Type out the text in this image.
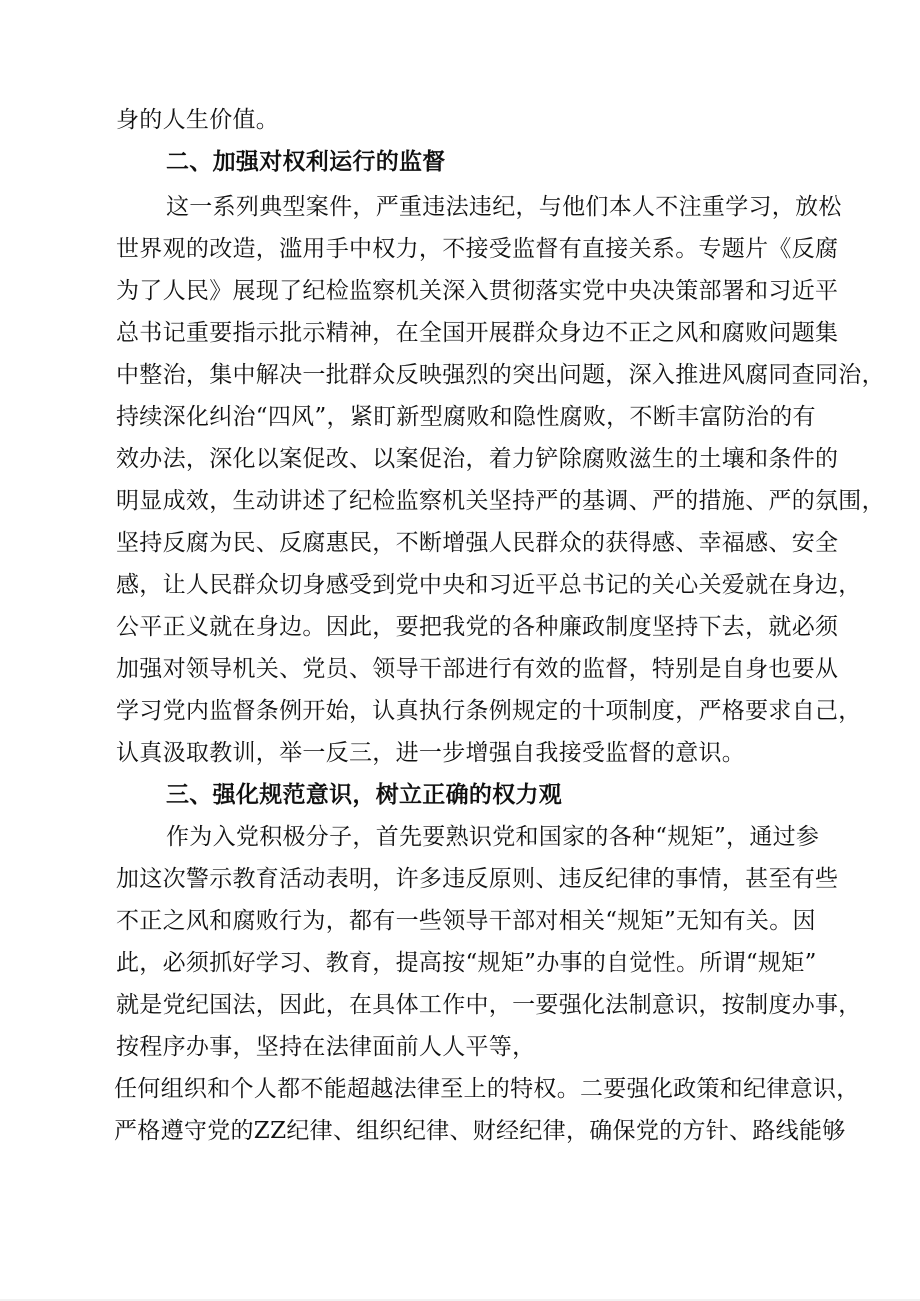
身的人生价值。
二、加强对权利运行的监督
这一系列典型案件，严重违法违纪，与他们本人不注重学习，放松
世界观的改造，滥用手中权力，不接受监督有直接关系。专题片《反腐
为了人民》展现了纪检监察机关深入贯彻落实党中央决策部署和习近平
总书记重要指示批示精神，在全国开展群众身边不正之风和腐败问题集
中整治，集中解决一批群众反映强烈的突出问题，深入推进风腐同查同治，
持续深化纠治“四风”，紧盯新型腐败和隐性腐败，不断丰富防治的有
效办法，深化以案促改、以案促治，着力铲除腐败滋生的土壤和条件的
明显成效，生动讲述了纪检监察机关坚持严的基调、严的措施、严的氛围，
坚持反腐为民、反腐惠民，不断增强人民群众的获得感、幸福感、安全
感，让人民群众切身感受到党中央和习近平总书记的关心关爱就在身边，
公平正义就在身边。因此，要把我党的各种廉政制度坚持下去，就必须
加强对领导机关、党员、领导干部进行有效的监督，特别是自身也要从
学习党内监督条例开始，认真执行条例规定的十项制度，严格要求自己，
认真汲取教训，举一反三，进一步增强自我接受监督的意识。
三、强化规范意识，树立正确的权力观
作为入党积极分子，首先要熟识党和国家的各种“规矩”，通过参
加这次警示教育活动表明，许多违反原则、违反纪律的事情，甚至有些
不正之风和腐败行为，都有一些领导干部对相关“规矩”无知有关。因
此，必须抓好学习、教育，提高按“规矩”办事的自觉性。所谓“规矩”
就是党纪国法，因此，在具体工作中，一要强化法制意识，按制度办事，
按程序办事，坚持在法律面前人人平等，
任何组织和个人都不能超越法律至上的特权。二要强化政策和纪律意识，
严格遵守党的ZZ纪律、组织纪律、财经纪律，确保党的方针、路线能够
